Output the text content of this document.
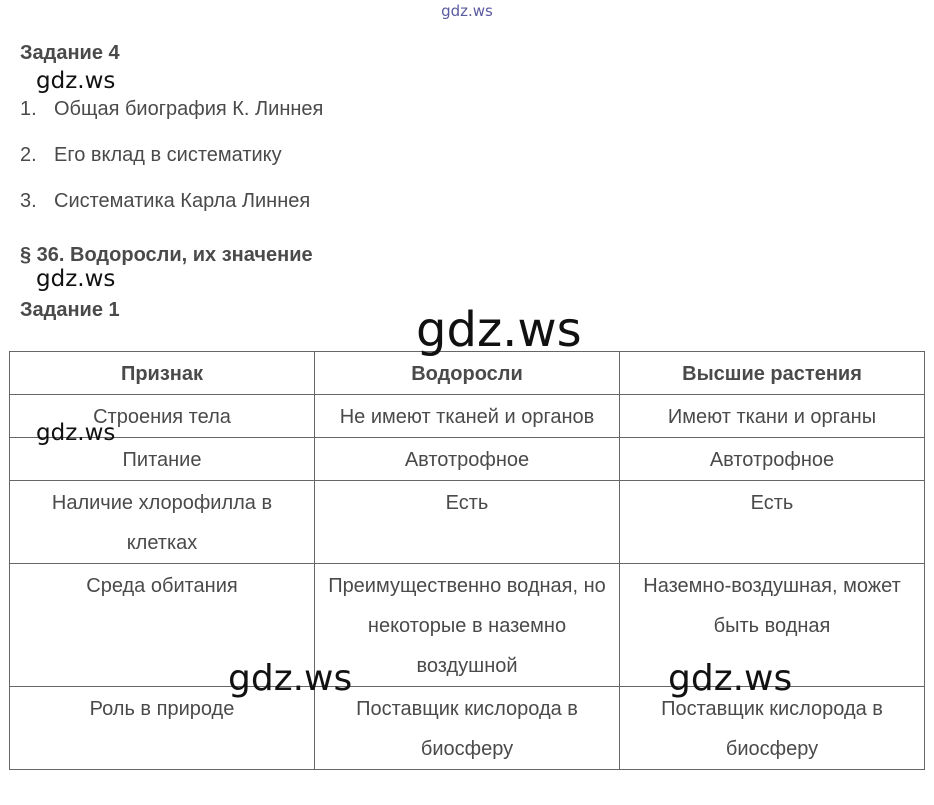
gdz.ws
Задание 4
gdz.ws
1. Общая биография К. Линнея
2. Его вклад в систематику
3. Систематика Карла Линнея
§ 36. Водоросли, их значение
gdz.ws
Задание 1
Признак	Водоросли	Высшие растения
Строения тела	Не имеют тканей и органов	Имеют ткани и органы
Питание	Автотрофное	Автотрофное
Наличие хлорофилла в клетках	Есть	Есть
Среда обитания	Преимущественно водная, но некоторые в наземно воздушной	Наземно-воздушная, может быть водная
Роль в природе	Поставщик кислорода в биосферу	Поставщик кислорода в биосферу
gdz.ws
gdz.ws
gdz.ws	gdz.ws
